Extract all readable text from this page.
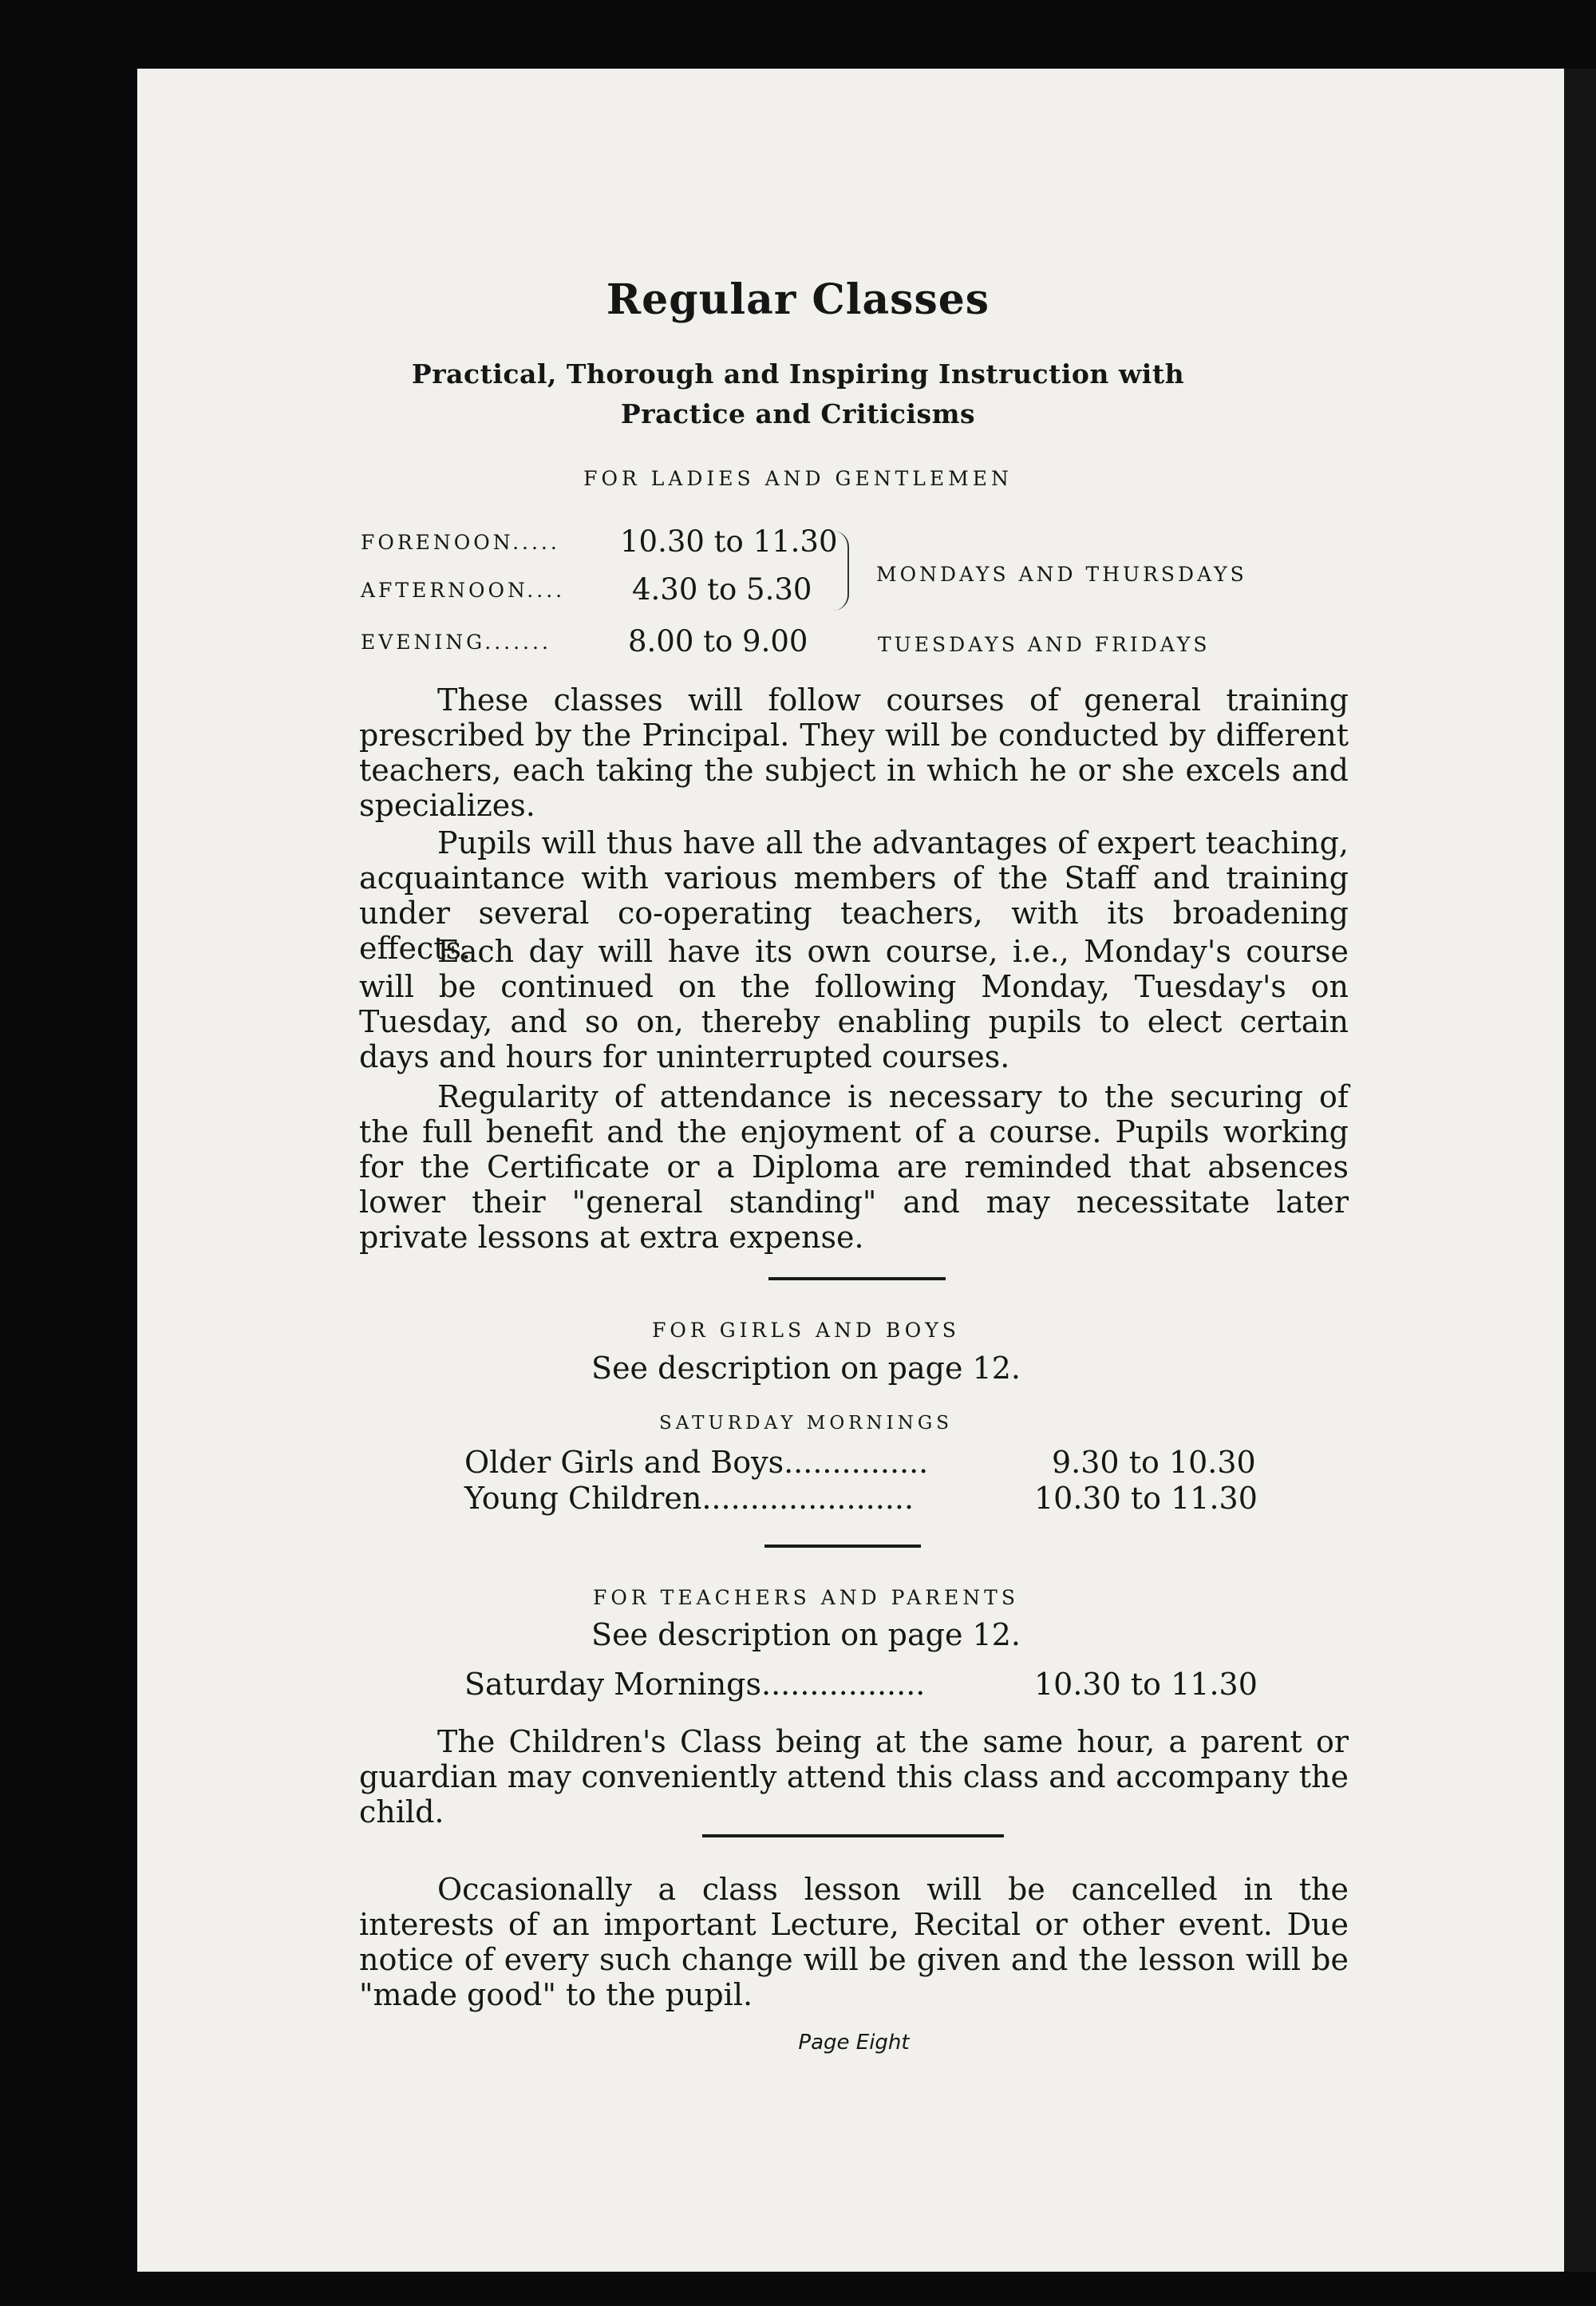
Regular Classes
Practical, Thorough and Inspiring Instruction with
Practice and Criticisms
FOR LADIES AND GENTLEMEN
FORENOON..... 10.30 to 11.30
AFTERNOON.... 4.30 to 5.30	MONDAYS AND THURSDAYS
EVENING.......	8.00 to 9.00	TUESDAYS AND FRIDAYS

These classes will follow courses of general training prescribed by the Principal. They will be conducted by different teachers, each taking the subject in which he or she excels and specializes.

Pupils will thus have all the advantages of expert teaching, acquaintance with various members of the Staff and training under several co-operating teachers, with its broadening effects.

Each day will have its own course, i.e., Monday's course will be continued on the following Monday, Tuesday's on Tuesday, and so on, thereby enabling pupils to elect certain days and hours for uninterrupted courses.

Regularity of attendance is necessary to the securing of the full benefit and the enjoyment of a course. Pupils working for the Certificate or a Diploma are reminded that absences lower their "general standing" and may necessitate later private lessons at extra expense.

FOR GIRLS AND BOYS
See description on page 12.
SATURDAY MORNINGS
Older Girls and Boys...............	9.30 to 10.30
Young Children......................	10.30 to 11.30
FOR TEACHERS AND PARENTS
See description on page 12.
Saturday Mornings.................	10.30 to 11.30

The Children's Class being at the same hour, a parent or guardian may conveniently attend this class and accompany the child.

Occasionally a class lesson will be cancelled in the interests of an important Lecture, Recital or other event. Due notice of every such change will be given and the lesson will be "made good" to the pupil.

Page Eight
